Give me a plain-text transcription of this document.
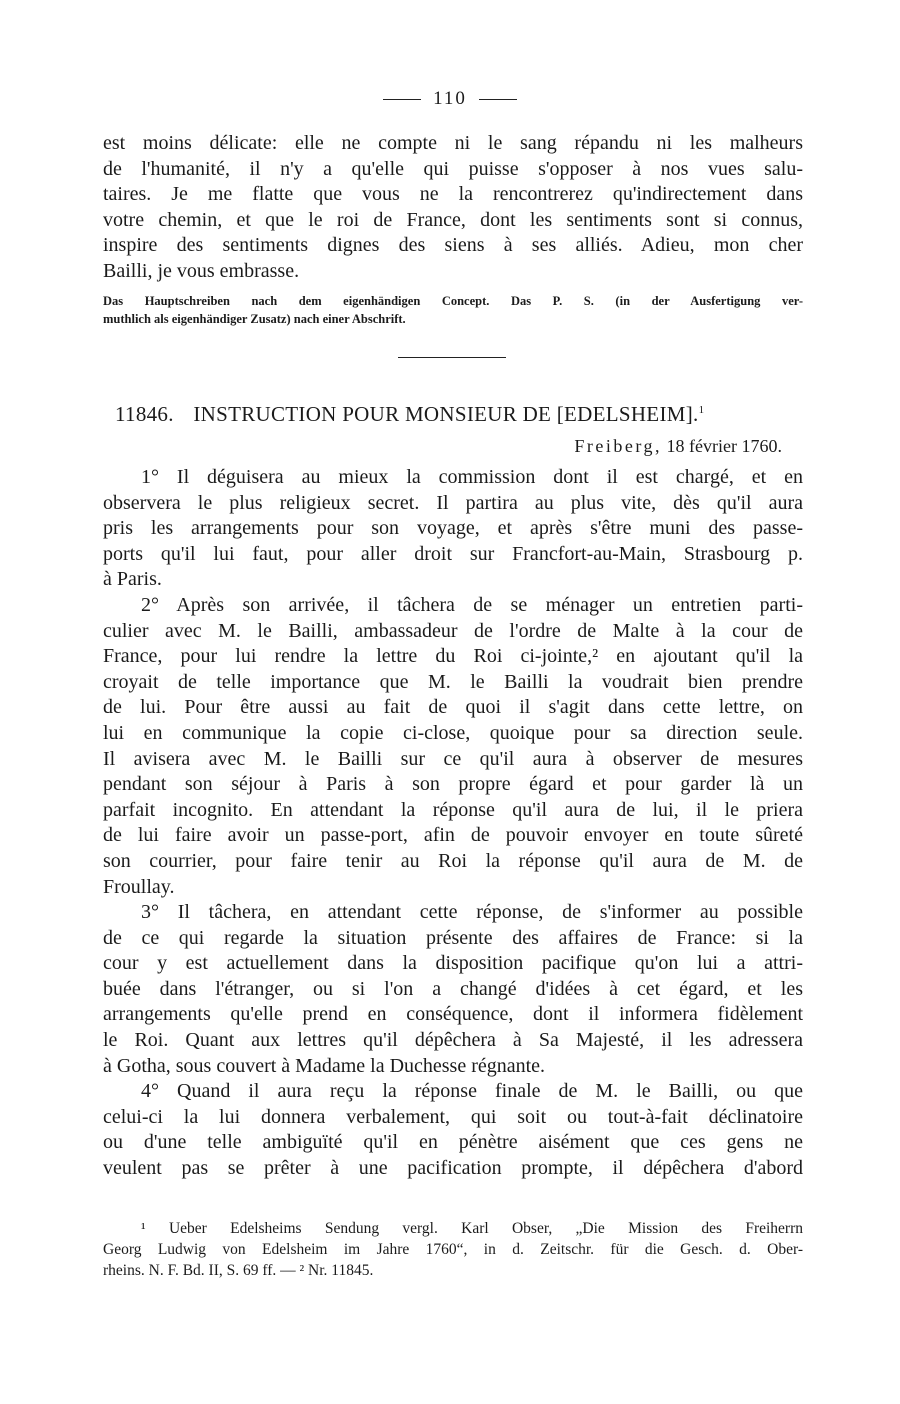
110
est moins délicate: elle ne compte ni le sang répandu ni les malheurs
de l'humanité, il n'y a qu'elle qui puisse s'opposer à nos vues salu-
taires. Je me flatte que vous ne la rencontrerez qu'indirectement dans
votre chemin, et que le roi de France, dont les sentiments sont si connus,
inspire des sentiments dignes des siens à ses alliés. Adieu, mon cher
Bailli, je vous embrasse.
Das Hauptschreiben nach dem eigenhändigen Concept. Das P. S. (in der Ausfertigung ver-
muthlich als eigenhändiger Zusatz) nach einer Abschrift.
11846. INSTRUCTION POUR MONSIEUR DE [EDELSHEIM].$^1$
Freiberg, 18 février 1760.
1° Il déguisera au mieux la commission dont il est chargé, et en
observera le plus religieux secret. Il partira au plus vite, dès qu'il aura
pris les arrangements pour son voyage, et après s'être muni des passe-
ports qu'il lui faut, pour aller droit sur Francfort-au-Main, Strasbourg p.
à Paris.
2° Après son arrivée, il tâchera de se ménager un entretien parti-
culier avec M. le Bailli, ambassadeur de l'ordre de Malte à la cour de
France, pour lui rendre la lettre du Roi ci-jointe,² en ajoutant qu'il la
croyait de telle importance que M. le Bailli la voudrait bien prendre
de lui. Pour être aussi au fait de quoi il s'agit dans cette lettre, on
lui en communique la copie ci-close, quoique pour sa direction seule.
Il avisera avec M. le Bailli sur ce qu'il aura à observer de mesures
pendant son séjour à Paris à son propre égard et pour garder là un
parfait incognito. En attendant la réponse qu'il aura de lui, il le priera
de lui faire avoir un passe-port, afin de pouvoir envoyer en toute sûreté
son courrier, pour faire tenir au Roi la réponse qu'il aura de M. de
Froullay.
3° Il tâchera, en attendant cette réponse, de s'informer au possible
de ce qui regarde la situation présente des affaires de France: si la
cour y est actuellement dans la disposition pacifique qu'on lui a attri-
buée dans l'étranger, ou si l'on a changé d'idées à cet égard, et les
arrangements qu'elle prend en conséquence, dont il informera fidèlement
le Roi. Quant aux lettres qu'il dépêchera à Sa Majesté, il les adressera
à Gotha, sous couvert à Madame la Duchesse régnante.
4° Quand il aura reçu la réponse finale de M. le Bailli, ou que
celui-ci la lui donnera verbalement, qui soit ou tout-à-fait déclinatoire
ou d'une telle ambiguïté qu'il en pénètre aisément que ces gens ne
veulent pas se prêter à une pacification prompte, il dépêchera d'abord
¹ Ueber Edelsheims Sendung vergl. Karl Obser, „Die Mission des Freiherrn
Georg Ludwig von Edelsheim im Jahre 1760“, in d. Zeitschr. für die Gesch. d. Ober-
rheins. N. F. Bd. II, S. 69 ff. — ² Nr. 11845.
